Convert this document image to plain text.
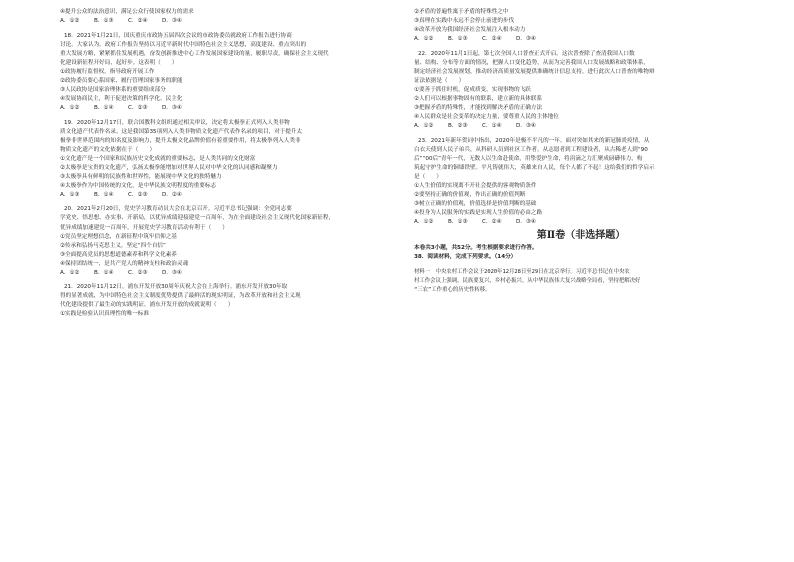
④提升公众的法治意识，满足公众行使国家权力的需求
A．①②	B．①③	C．②④	D．③④
18．2021年1月21日，国庆重庆市政协五届四次会议的市政协委员就政府工作报告进行协商
讨论。大家认为，政府工作报告坚持以习近平新时代中国特色社会主义思想，高度建设、重点突出的
重大发展方略，紧紧抓住发展机遇，奋发创新推进中心工作发展国家建设的量，履职尽责，确保社会主义现代
化建设新征程开好局，起好步。这表明（　　）
①政协履行监督权，指导政府开展工作
②政协委员要心系国家，履行管理国家事务的职能
③人民政协是国家治理体系的重要组成部分
④发展协商民主，利于促进决策的科学化、民主化
A．①②	B．①④	C．②③	D．③④
19．2020年12月17日，联合国教科文组织通过相关审议，决定将太极拳正式列入人类非物
质文化遗产代表作名录。这是我国第35项列入人类非物质文化遗产代表作名录的项目，对于提升太
极拳非世界范围内的知名度及影响力，提升太极文化品牌价值有着重要作用，将太极拳列入人类非
物质文化遗产的文化依据在于（　　）
①文化遗产是一个国家和民族历史文化成就的重要标志，是人类共同的文化财富
②太极拳是宝贵的文化遗产，弘扬太极拳能增加对世界人民对中华文化的认同感和凝聚力
③太极拳具有鲜明的民族性和世界性，能展现中华文化的独特魅力
④太极拳作为中国传统的文化，是中华民族文明程度的重要标志
A．①③	B．①④	C．②③	D．②④
20．2021年2月20日，党史学习教育动员大会在北京召开。习近平总书记强调：全党同志要
学党史、悟思想、办实事、开新局，以优异成绩迎接建党一百周年，为在全面建设社会主义现代化国家新征程，
优异成绩加速建党一百周年，开展党史学习教育活动有利于（　　）
①党员坚定理想信念，在新征程中筑牢信仰之基
②传承和弘扬马克思主义，坚定“四个自信”
③全面提高党员的思想道德素养和科学文化素养
④保持团结统一，是共产党人的精神支柱和政治灵魂
A．①②	B．①④	C．②③	D．③④
21．2020年11月12日，浦东开发开放30周年庆祝大会在上海举行。浦东开发开放30年取
得的显著成就，为中国特色社会主义制度优势提供了最鲜活的现实明证，为改革开放和社会主义现
代化建设提供了最生动的实践明证。浦东开发开放的成就说明（　　）
①实践是检验认识真理性的唯一标准
②矛盾的普遍性寓于矛盾的特殊性之中
③真理在实践中永远不会停止前进的步伐
④改革开放为我国经济社会发展注入根本动力
A．①②	B．①③	C．②④	D．③④
22．2020年11月1日起，第七次全国人口普查正式开启。这次普查除了查清我国人口数
量、结构、分布等方面的情况，把握人口变化趋势，从而为完善我国人口发展战略和政策体系，
制定经济社会发展规划，推动经济高质量发展提供准确统计信息支持。进行此次人口普查的唯物辩
证法依据是（　　）
①要善于抓住时机，促成质变，实现事物的飞跃
②人们可以根据事物固有的联系，建立新的具体联系
③把握矛盾的特殊性，才能找到解决矛盾的正确方法
④人民群众是社会变革的决定力量，要尊重人民的主体地位
A．①②	B．②③	C．①④	D．③④
23．2021年新年贺词中指出，2020年是极不平凡的一年。面对突如其来的新冠肺炎疫情，从
白衣天使到人民子弟兵，从科研人员到社区工作者，从志愿者到工程建设者，从古稀老人到“90
后”“00后”青年一代，无数人以生命赴使命，用挚爱护生命，将涓滴之力汇聚成磅礴伟力，构
筑起守护生命的铜墙铁壁。平凡铸就伟大，英雄来自人民，每个人都了不起！这给我们的哲学启示
是（　　）
①人生价值的实现离不开社会提供的客观物质条件
②要坚持正确的价值观，作出正确的价值判断
③树立正确的价值观，价值选择是价值判断的基础
④投身为人民服务的实践是实现人生价值的必由之路
A．①②	B．①③	C．②④	D．③④
第Ⅱ卷（非选择题）
本卷共3小题，共52分。考生根据要求进行作答。
38．阅读材料，完成下列要求。（14分）
材料一　中央农村工作会议于2020年12月28日至29日在北京举行。习近平总书记在中央农
村工作会议上强调，民族要复兴，乡村必振兴。从中华民族伟大复兴战略全局看，坚持把解决好
“三农”工作重心的历史性转移。
